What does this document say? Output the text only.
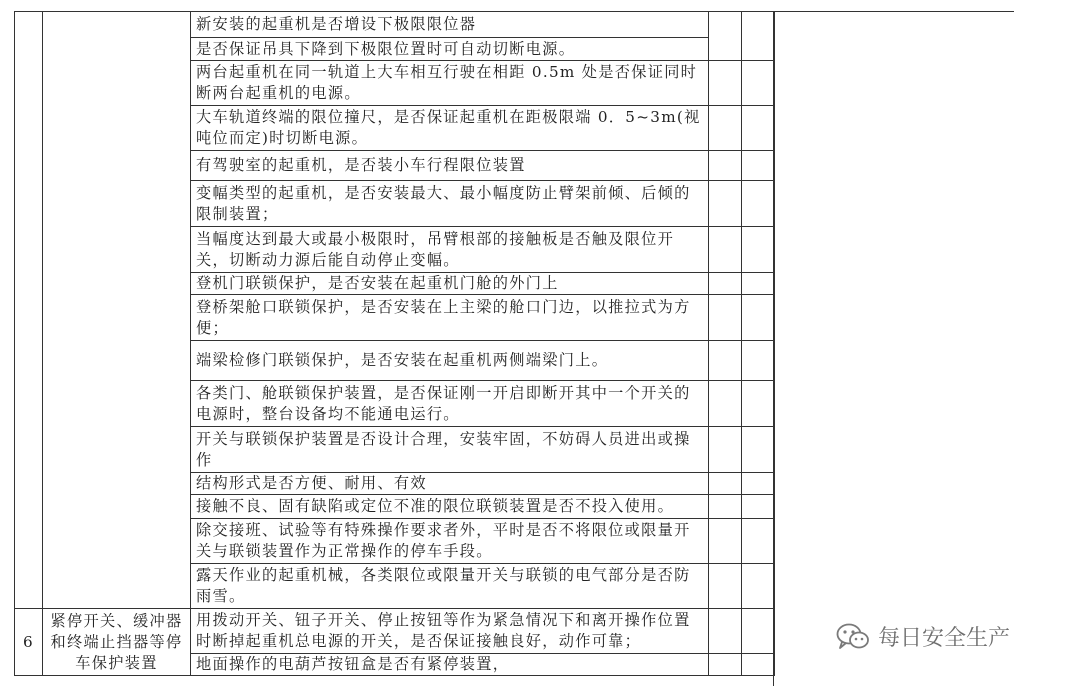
		新安装的起重机是否增设下极限限位器		
		是否保证吊具下降到下极限位置时可自动切断电源。		
		两台起重机在同一轨道上大车相互行驶在相距 0.5m 处是否保证同时断两台起重机的电源。		
		大车轨道终端的限位撞尺，是否保证起重机在距极限端 0．5~3m(视吨位而定)时切断电源。		
		有驾驶室的起重机，是否装小车行程限位装置		
		变幅类型的起重机，是否安装最大、最小幅度防止臂架前倾、后倾的限制装置；		
		当幅度达到最大或最小极限时，吊臂根部的接触板是否触及限位开关，切断动力源后能自动停止变幅。		
		登机门联锁保护，是否安装在起重机门舱的外门上		
		登桥架舱口联锁保护，是否安装在上主梁的舱口门边，以推拉式为方便；		
		端梁检修门联锁保护，是否安装在起重机两侧端梁门上。		
		各类门、舱联锁保护装置，是否保证刚一开启即断开其中一个开关的电源时，整台设备均不能通电运行。		
		开关与联锁保护装置是否设计合理，安装牢固，不妨碍人员进出或操作		
		结构形式是否方便、耐用、有效		
		接触不良、固有缺陷或定位不准的限位联锁装置是否不投入使用。		
		除交接班、试验等有特殊操作要求者外，平时是否不将限位或限量开关与联锁装置作为正常操作的停车手段。		
		露天作业的起重机械，各类限位或限量开关与联锁的电气部分是否防雨雪。		
6	紧停开关、缓冲器和终端止挡器等停车保护装置	用拨动开关、钮子开关、停止按钮等作为紧急情况下和离开操作位置时断掉起重机总电源的开关，是否保证接触良好，动作可靠；		
		地面操作的电葫芦按钮盒是否有紧停装置，		
每日安全生产
